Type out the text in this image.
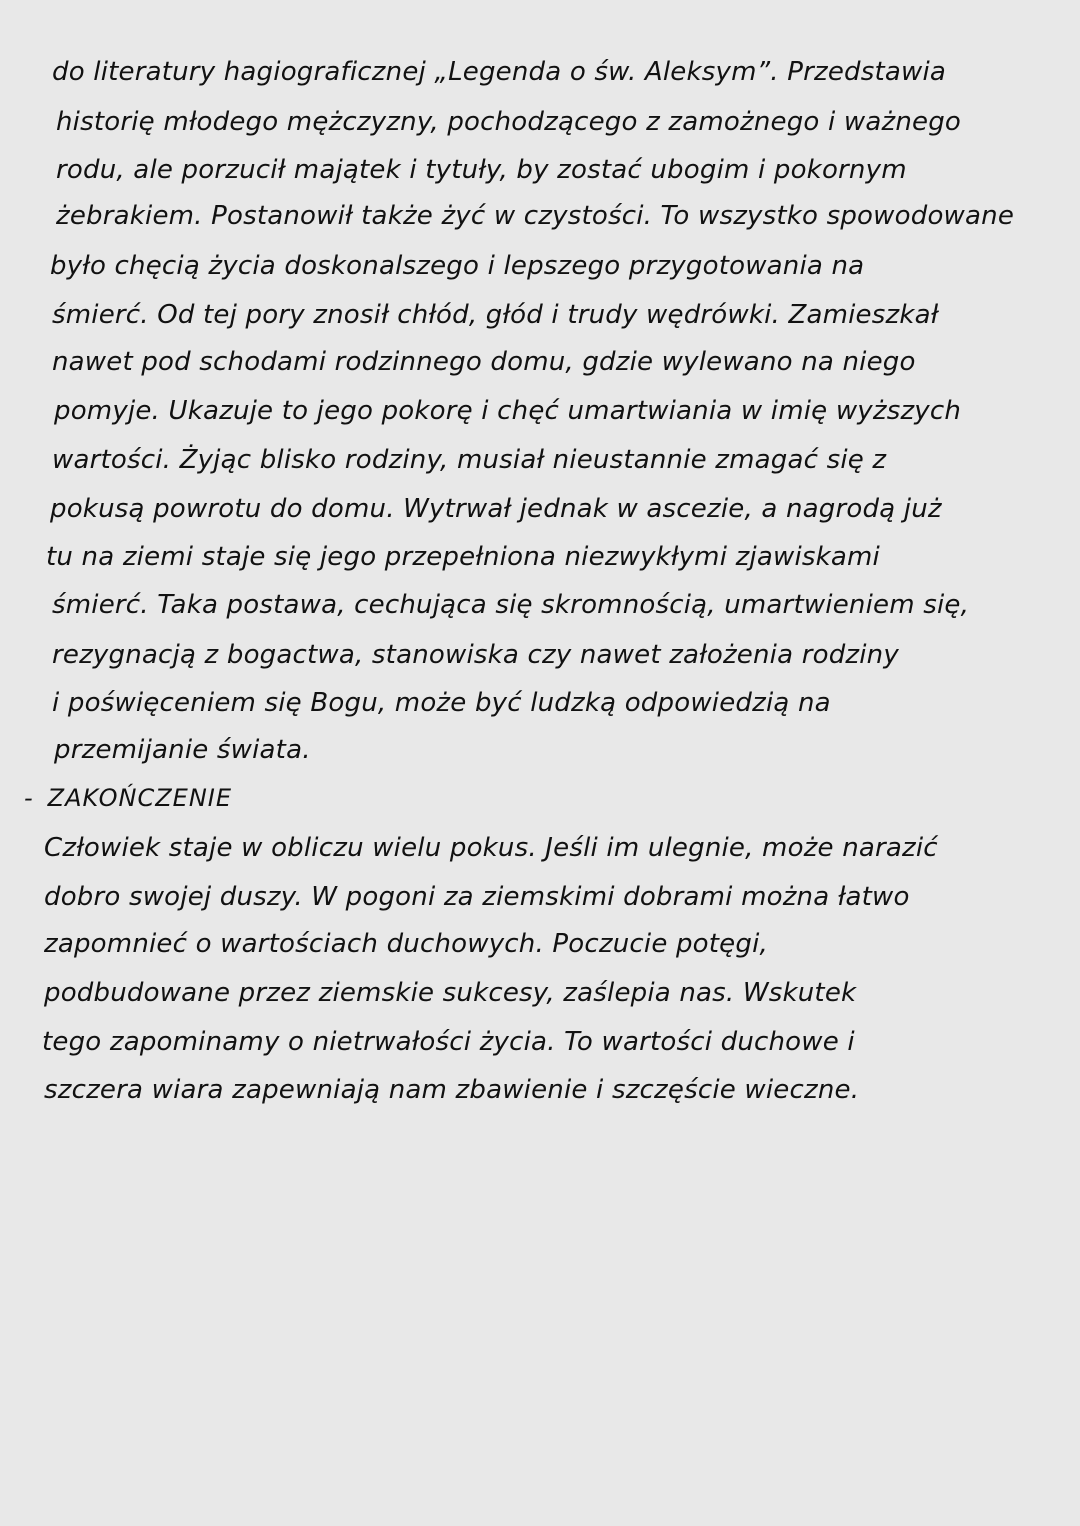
do literatury hagiograficznej „Legenda o św. Aleksym”. Przedstawia
historię młodego mężczyzny, pochodzącego z zamożnego i ważnego
rodu, ale porzucił majątek i tytuły, by zostać ubogim i pokornym
żebrakiem. Postanowił także żyć w czystości. To wszystko spowodowane
było chęcią życia doskonalszego i lepszego przygotowania na
śmierć. Od tej pory znosił chłód, głód i trudy wędrówki. Zamieszkał
nawet pod schodami rodzinnego domu, gdzie wylewano na niego
pomyje. Ukazuje to jego pokorę i chęć umartwiania w imię wyższych
wartości. Żyjąc blisko rodziny, musiał nieustannie zmagać się z
pokusą powrotu do domu. Wytrwał jednak w ascezie, a nagrodą już
tu na ziemi staje się jego przepełniona niezwykłymi zjawiskami
śmierć. Taka postawa, cechująca się skromnością, umartwieniem się,
rezygnacją z bogactwa, stanowiska czy nawet założenia rodziny
i poświęceniem się Bogu, może być ludzką odpowiedzią na
przemijanie świata.
- ZAKOŃCZENIE
Człowiek staje w obliczu wielu pokus. Jeśli im ulegnie, może narazić
dobro swojej duszy. W pogoni za ziemskimi dobrami można łatwo
zapomnieć o wartościach duchowych. Poczucie potęgi,
podbudowane przez ziemskie sukcesy, zaślepia nas. Wskutek
tego zapominamy o nietrwałości życia. To wartości duchowe i
szczera wiara zapewniają nam zbawienie i szczęście wieczne.
